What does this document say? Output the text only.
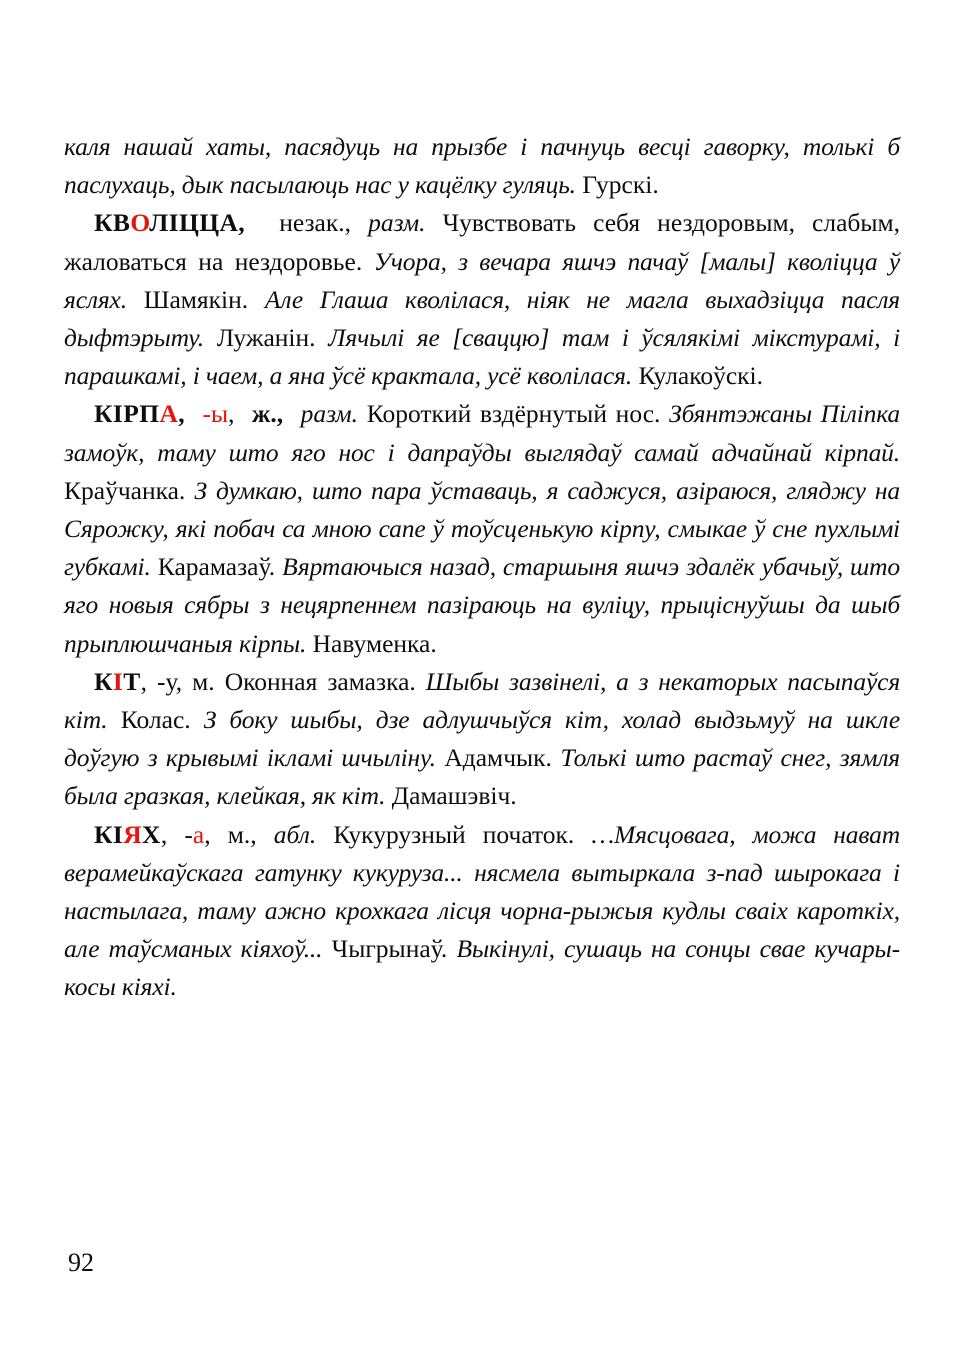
каля нашай хаты, пасядуць на прызбе і пачнуць весці гаворку, толькі б паслухаць, дык пасылаюць нас у кацёлку гуляць. Гурскі.

КВОЛІЦЦА, незак., разм. Чувствовать себя нездоровым, слабым, жаловаться на нездоровье. Учора, з вечара яшчэ пачаў [малы] кволіцца ў яслях. Шамякін. Але Глаша кволілася, ніяк не магла выхадзіцца пасля дыфтэрыту. Лужанін. Лячылі яе [сваццю] там і ўсялякімі мікстурамі, і парашкамі, і чаем, а яна ўсё крактала, усё кволілася. Кулакоўскі.

КІРПА, -ы, ж., разм. Короткий вздёрнутый нос. Збянтэжаны Піліпка замоўк, таму што яго нос і дапраўды выглядаў самай адчайнай кірпай. Краўчанка. З думкаю, што пара ўставаць, я саджуся, азіраюся, гляджу на Сярожку, які побач са мною сапе ў тоўсценькую кірпу, смыкае ў сне пухлымі губкамі. Карамазаў. Вяртаючыся назад, старшыня яшчэ здалёк убачыў, што яго новыя сябры з нецярпеннем пазіраюць на вуліцу, прыціснуўшы да шыб прыплюшчаныя кірпы. Навуменка.

КІТ, -у, м. Оконная замазка. Шыбы зазвінелі, а з некаторых пасыпаўся кіт. Колас. З боку шыбы, дзе адлушчыўся кіт, холад выдзьмуў на шкле доўгую з крывымі ікламі шчыліну. Адамчык. Толькі што растаў снег, зямля была гразкая, клейкая, як кіт. Дамашэвіч.

КІЯХ, -а, м., абл. Кукурузный початок. …Мясцовага, можа нават верамейкаўскага гатунку кукуруза... нясмела вытыркала з-пад шырокага і настылага, таму ажно крохкага лісця чорна-рыжыя кудлы сваіх кароткіх, але таўсманых кіяхоў... Чыгрынаў. Выкінулі, сушаць на сонцы свае кучары-косы кіяхі.

92
